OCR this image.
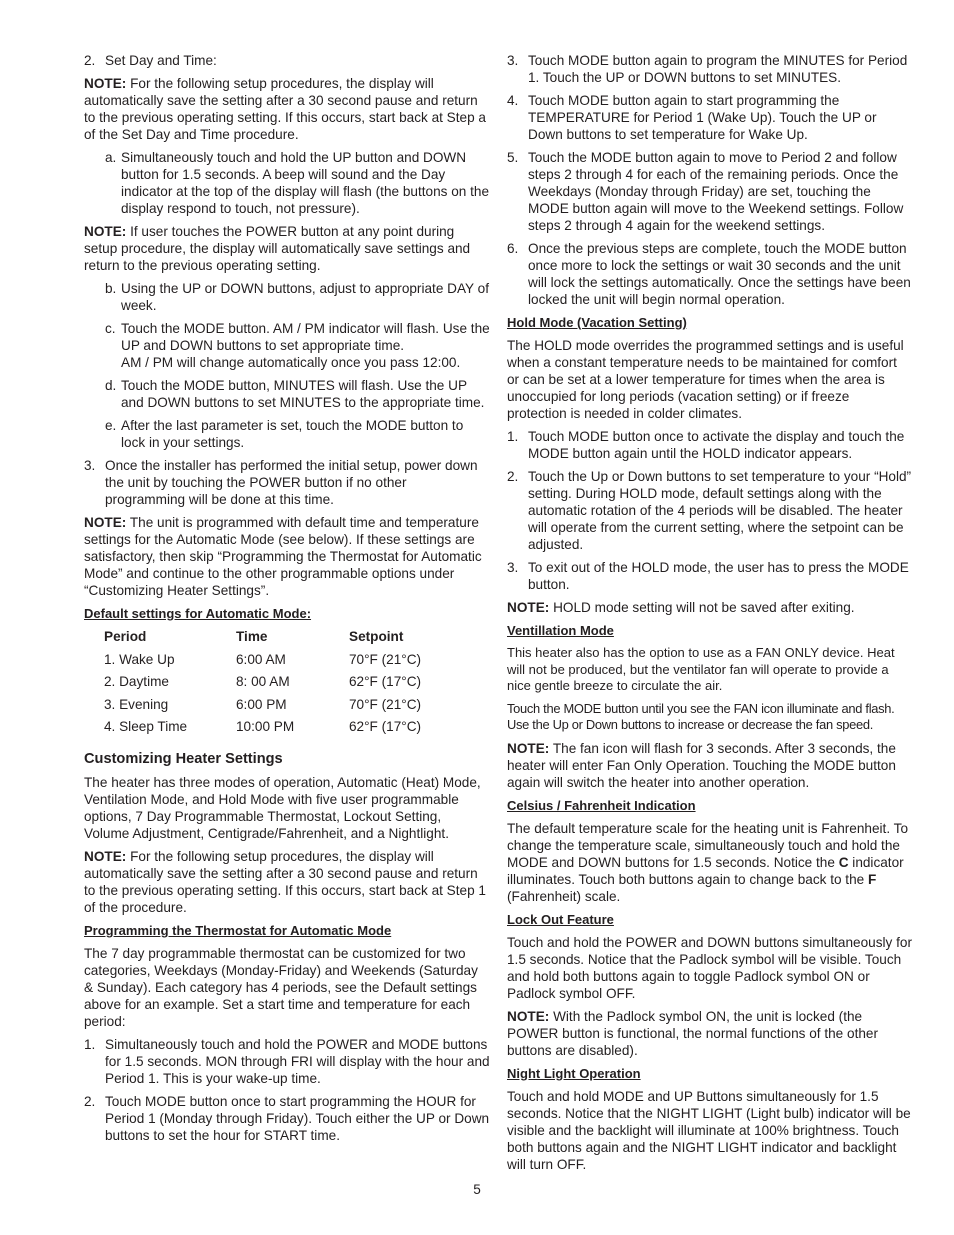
2. Set Day and Time:

NOTE: For the following setup procedures, the display will automatically save the setting after a 30 second pause and return to the previous operating setting. If this occurs, start back at Step a of the Set Day and Time procedure.

a. Simultaneously touch and hold the UP button and DOWN button for 1.5 seconds. A beep will sound and the Day indicator at the top of the display will flash (the buttons on the display respond to touch, not pressure).

NOTE: If user touches the POWER button at any point during setup procedure, the display will automatically save settings and return to the previous operating setting.

b. Using the UP or DOWN buttons, adjust to appropriate DAY of week.
c. Touch the MODE button. AM / PM indicator will flash. Use the UP and DOWN buttons to set appropriate time.
AM / PM will change automatically once you pass 12:00.
d. Touch the MODE button, MINUTES will flash. Use the UP and DOWN buttons to set MINUTES to the appropriate time.
e. After the last parameter is set, touch the MODE button to lock in your settings.
3. Once the installer has performed the initial setup, power down the unit by touching the POWER button if no other programming will be done at this time.

NOTE: The unit is programmed with default time and temperature settings for the Automatic Mode (see below). If these settings are satisfactory, then skip “Programming the Thermostat for Automatic Mode” and continue to the other programmable options under “Customizing Heater Settings”.

Default settings for Automatic Mode:
Period	Time	Setpoint
1. Wake Up	6:00 AM	70°F (21°C)
2. Daytime	8: 00 AM	62°F (17°C)
3. Evening	6:00 PM	70°F (21°C)
4. Sleep Time	10:00 PM	62°F (17°C)
Customizing Heater Settings

The heater has three modes of operation, Automatic (Heat) Mode, Ventilation Mode, and Hold Mode with five user programmable options, 7 Day Programmable Thermostat, Lockout Setting, Volume Adjustment, Centigrade/Fahrenheit, and a Nightlight.

NOTE: For the following setup procedures, the display will automatically save the setting after a 30 second pause and return to the previous operating setting. If this occurs, start back at Step 1 of the procedure.

Programming the Thermostat for Automatic Mode

The 7 day programmable thermostat can be customized for two categories, Weekdays (Monday-Friday) and Weekends (Saturday & Sunday). Each category has 4 periods, see the Default settings above for an example. Set a start time and temperature for each period:

1. Simultaneously touch and hold the POWER and MODE buttons for 1.5 seconds. MON through FRI will display with the hour and Period 1. This is your wake-up time.
2. Touch MODE button once to start programming the HOUR for Period 1 (Monday through Friday). Touch either the UP or Down buttons to set the hour for START time.
3. Touch MODE button again to program the MINUTES for Period 1. Touch the UP or DOWN buttons to set MINUTES.
4. Touch MODE button again to start programming the TEMPERATURE for Period 1 (Wake Up). Touch the UP or Down buttons to set temperature for Wake Up.
5. Touch the MODE button again to move to Period 2 and follow steps 2 through 4 for each of the remaining periods. Once the Weekdays (Monday through Friday) are set, touching the MODE button again will move to the Weekend settings. Follow steps 2 through 4 again for the weekend settings.
6. Once the previous steps are complete, touch the MODE button once more to lock the settings or wait 30 seconds and the unit will lock the settings automatically. Once the settings have been locked the unit will begin normal operation.
Hold Mode (Vacation Setting)

The HOLD mode overrides the programmed settings and is useful when a constant temperature needs to be maintained for comfort or can be set at a lower temperature for times when the area is unoccupied for long periods (vacation setting) or if freeze protection is needed in colder climates.

1. Touch MODE button once to activate the display and touch the MODE button again until the HOLD indicator appears.
2. Touch the Up or Down buttons to set temperature to your “Hold” setting. During HOLD mode, default settings along with the automatic rotation of the 4 periods will be disabled. The heater will operate from the current setting, where the setpoint can be adjusted.
3. To exit out of the HOLD mode, the user has to press the MODE button.

NOTE: HOLD mode setting will not be saved after exiting.

Ventillation Mode

This heater also has the option to use as a FAN ONLY device. Heat will not be produced, but the ventilator fan will operate to provide a nice gentle breeze to circulate the air.

Touch the MODE button until you see the FAN icon illuminate and flash. Use the Up or Down buttons to increase or decrease the fan speed.

NOTE: The fan icon will flash for 3 seconds. After 3 seconds, the heater will enter Fan Only Operation. Touching the MODE button again will switch the heater into another operation.

Celsius / Fahrenheit Indication

The default temperature scale for the heating unit is Fahrenheit. To change the temperature scale, simultaneously touch and hold the MODE and DOWN buttons for 1.5 seconds. Notice the C indicator illuminates. Touch both buttons again to change back to the F (Fahrenheit) scale.

Lock Out Feature

Touch and hold the POWER and DOWN buttons simultaneously for 1.5 seconds. Notice that the Padlock symbol will be visible. Touch and hold both buttons again to toggle Padlock symbol ON or Padlock symbol OFF.

NOTE: With the Padlock symbol ON, the unit is locked (the POWER button is functional, the normal functions of the other buttons are disabled).

Night Light Operation

Touch and hold MODE and UP Buttons simultaneously for 1.5 seconds. Notice that the NIGHT LIGHT (Light bulb) indicator will be visible and the backlight will illuminate at 100% brightness. Touch both buttons again and the NIGHT LIGHT indicator and backlight will turn OFF.

5
